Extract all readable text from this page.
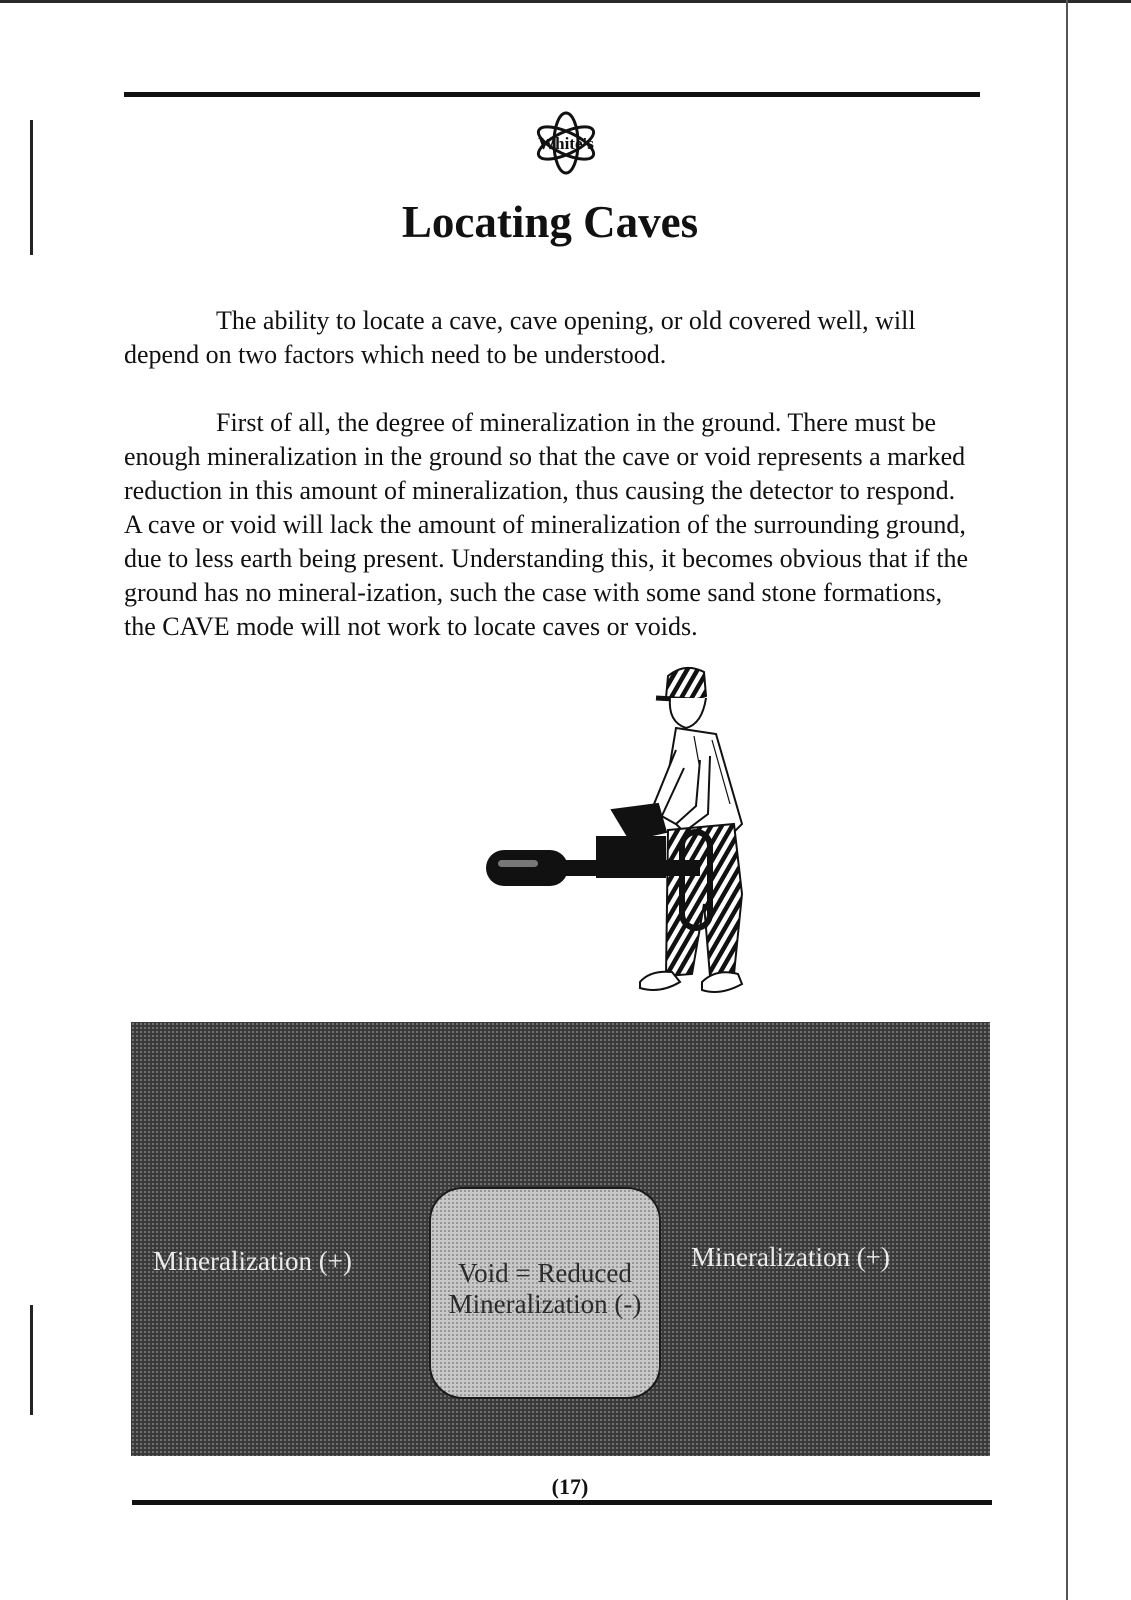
White's
Locating Caves

The ability to locate a cave, cave opening, or old covered well, will depend on two factors which need to be understood.

First of all, the degree of mineralization in the ground. There must be enough mineralization in the ground so that the cave or void represents a marked reduction in this amount of mineralization, thus causing the detector to respond. A cave or void will lack the amount of mineralization of the surrounding ground, due to less earth being present. Understanding this, it becomes obvious that if the ground has no mineral-ization, such the case with some sand stone formations, the CAVE mode will not work to locate caves or voids.

Mineralization (+)	Mineralization (+)
Void = Reduced
Mineralization (-)

(17)
